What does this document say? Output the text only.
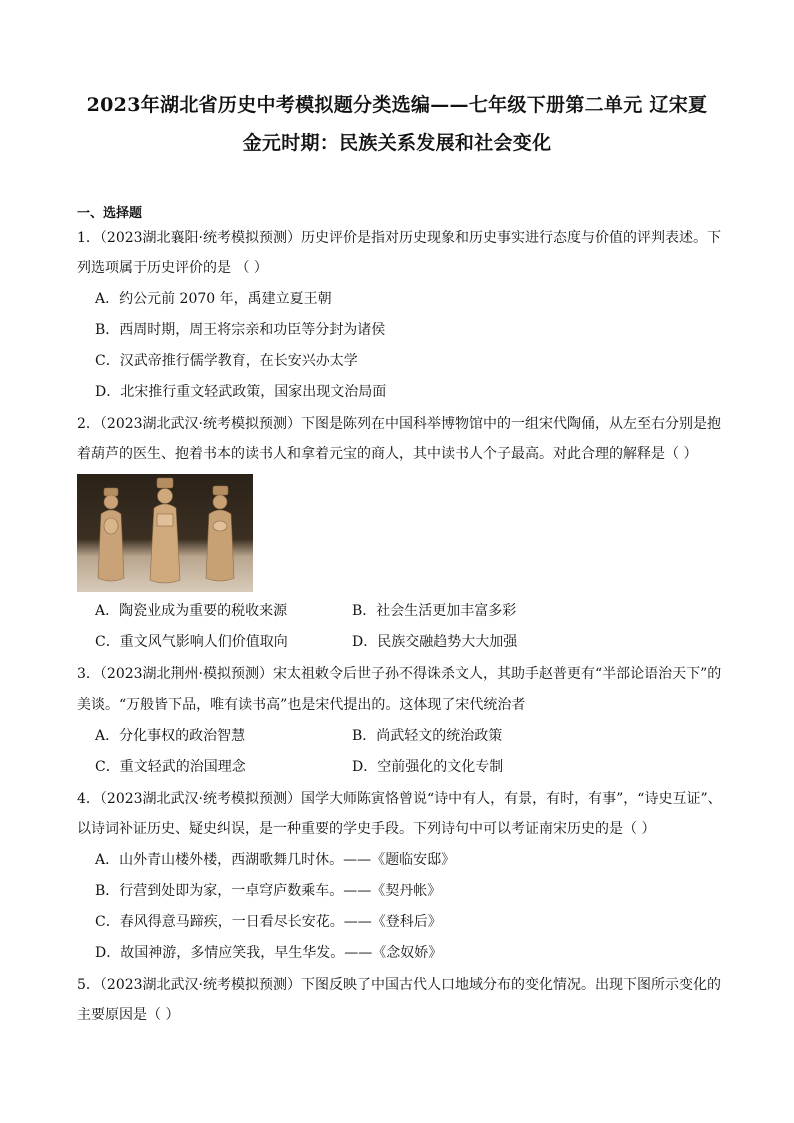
2023年湖北省历史中考模拟题分类选编——七年级下册第二单元 辽宋夏
金元时期：民族关系发展和社会变化
一、选择题
1．（2023湖北襄阳·统考模拟预测）历史评价是指对历史现象和历史事实进行态度与价值的评判表述。下
列选项属于历史评价的是 （ ）
A．约公元前 2070 年，禹建立夏王朝
B．西周时期，周王将宗亲和功臣等分封为诸侯
C．汉武帝推行儒学教育，在长安兴办太学
D．北宋推行重文轻武政策，国家出现文治局面
2．（2023湖北武汉·统考模拟预测）下图是陈列在中国科举博物馆中的一组宋代陶俑，从左至右分别是抱
着葫芦的医生、抱着书本的读书人和拿着元宝的商人，其中读书人个子最高。对此合理的解释是（ ）
A．陶瓷业成为重要的税收来源	B．社会生活更加丰富多彩
C．重文风气影响人们价值取向	D．民族交融趋势大大加强
3．（2023湖北荆州·模拟预测）宋太祖敕令后世子孙不得诛杀文人，其助手赵普更有“半部论语治天下”的
美谈。“万般皆下品，唯有读书高”也是宋代提出的。这体现了宋代统治者
A．分化事权的政治智慧	B．尚武轻文的统治政策
C．重文轻武的治国理念	D．空前强化的文化专制
4．（2023湖北武汉·统考模拟预测）国学大师陈寅恪曾说“诗中有人，有景，有时，有事”，“诗史互证”、
以诗词补证历史、疑史纠误，是一种重要的学史手段。下列诗句中可以考证南宋历史的是（ ）
A．山外青山楼外楼，西湖歌舞几时休。——《题临安邸》
B．行营到处即为家，一卓穹庐数乘车。——《契丹帐》
C．春风得意马蹄疾，一日看尽长安花。——《登科后》
D．故国神游，多情应笑我，早生华发。——《念奴娇》
5．（2023湖北武汉·统考模拟预测）下图反映了中国古代人口地域分布的变化情况。出现下图所示变化的
主要原因是（ ）
